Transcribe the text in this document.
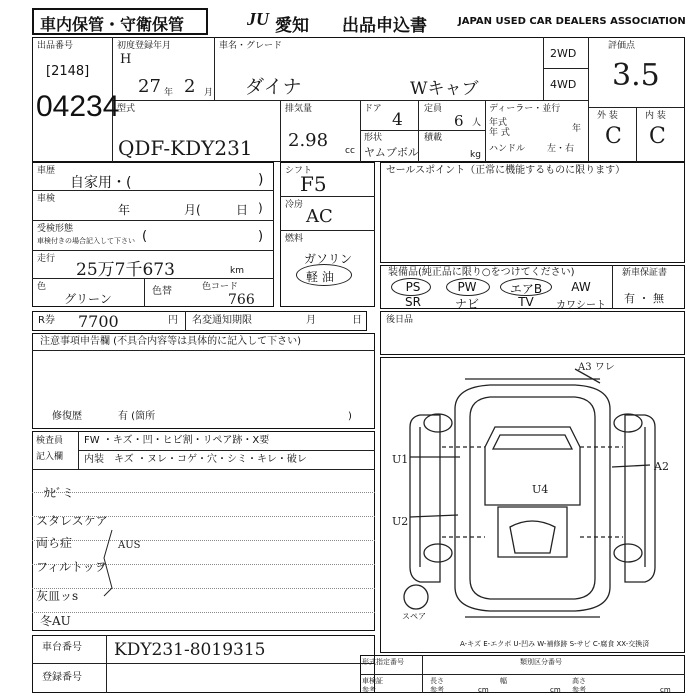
車内保管・守衛保管	JU 愛知 出品申込書	JAPAN USED CAR DEALERS ASSOCIATION
出品番号
[2148]
04234
初度登録年月
H
27 年 2 月
車名・グレード
ダイナ	Wキャブ
2WD
4WD
評価点
3.5
外 装	内 装
C C
型式
QDF-KDY231
排気量
2.98 cc
ドア
4
定員
6 人
形状
ヤムブボル
積載
kg
ディーラー・並行
年式
年 式	年
ハンドル 左・右
車歴
自家用・(	)
車検
年	月(	日 )
受検形態
車検付きの場合記入して下さい (	)
走行
25万7千673	km
色
グリーン
色替	色コード
766
シフト
F5
冷房
AC
燃料
ガソリン
軽 油
セールスポイント（正常に機能するものに限ります）
装備品(純正品に限り○をつけてください)
PS	PW	エアB	AW
SR	ナビ	TV	カワシート
新車保証書
有 ・ 無
R券 7700	円 名変通知期限	月	日	後日品
注意事項申告欄 (不具合内容等は具体的に記入して下さい)
修復歴	有 (箇所	)
検査員
記入欄
FW ・キズ・凹・ヒビ割・リペア跡・X要
内装 キズ ・ヌレ・コゲ・穴・シミ・キレ・破レ
ｶﾋﾞミ
スタレスケア
両ら症	AUS
フィルトッヲ
灰皿ッs
冬AU
A3 ワレ
U1
A2
U2
U4
スペア
A-キズ E-エクボ U-凹み W-補修跡 S-サビ C-腐食 XX-交換済
車台番号 KDY231-8019315
登録番号
形式指定番号	類別区分番号
車検証
参考
長さ
参考	cm
幅
cm
高さ
参考	cm
